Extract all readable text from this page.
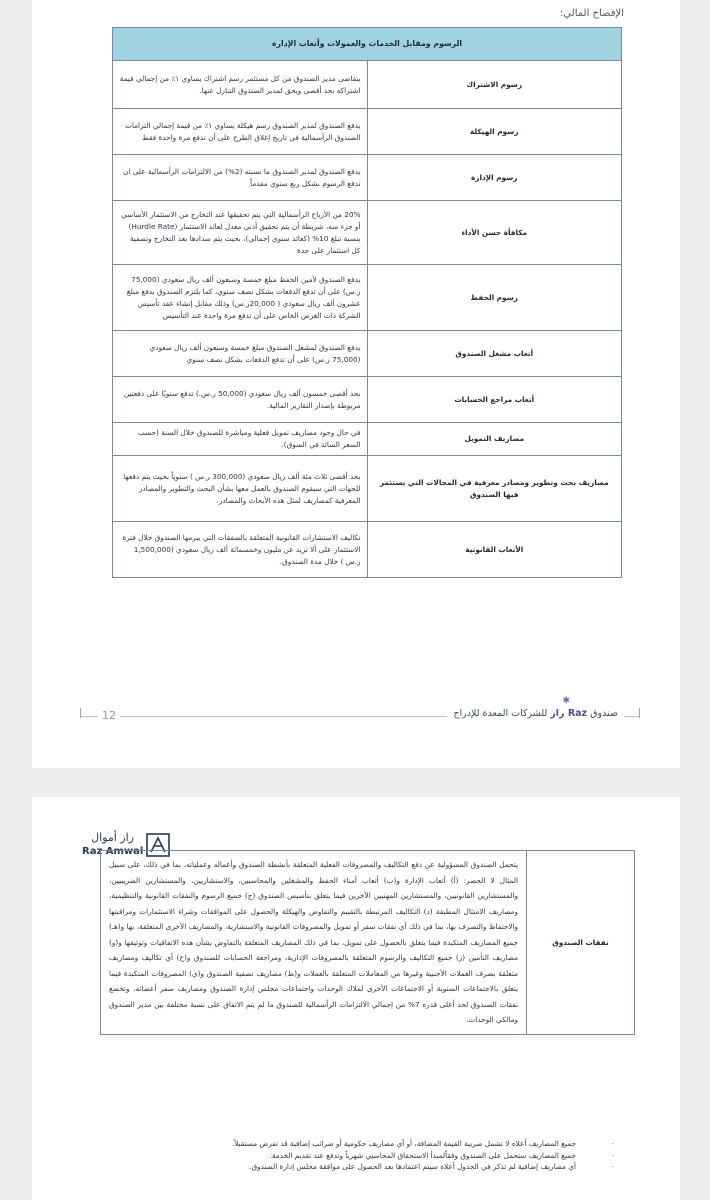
الإفصاح المالي:
الرسوم ومقابل الخدمات والعمولات وأتعاب الإدارة	
رسوم الاشتراك	يتقاضى مدير الصندوق من كل مستثمر رسم اشتراك يساوي ١٪ من إجمالي قيمة اشتراكه بحد أقصى ويحق لمدير الصندوق التنازل عنها.
رسوم الهيكلة	يدفع الصندوق لمدير الصندوق رسم هيكلة يساوي ١٪ من قيمة إجمالي التزامات الصندوق الرأسمالية في تاريخ إغلاق الطرح على أن تدفع مرة واحدة فقط
رسوم الإدارة	يدفع الصندوق لمدير الصندوق ما نسبته (2%) من الالتزامات الرأسمالية على ان تدفع الرسوم بشكل ربع سنوي مقدماً
مكافأة حسن الأداء	20% من الأرباح الرأسمالية التي يتم تحقيقها عند التخارج من الاستثمار الأساسي أو جزء منه، شريطة أن يتم تحقيق أدنى معدل لعائد الاستثمار (Hurdle Rate) بنسبة تبلغ 10% (كعائد سنوي إجمالي)، بحيث يتم سدادها بعد التخارج وتصفية كل استثمار على حدة
رسوم الحفظ	يدفع الصندوق لأمين الحفظ مبلغ خمسة وسبعون ألف ريال سعودي (75,000 ر.س) على أن تدفع الدفعات بشكل نصف سنوي، كما يلتزم الصندوق بدفع مبلغ عشرون ألف ريال سعودي ( 20,000ر.س) وذلك مقابل إنشاء عقد تأسيس الشركة ذات الغرض الخاص على أن تدفع مرة واحدة عند التأسيس
أتعاب مشغل الصندوق	يدفع الصندوق لمشغل الصندوق مبلغ خمسة وسبعون ألف ريال سعودي (75,000 ر.س) على أن تدفع الدفعات بشكل نصف سنوي
أتعاب مراجع الحسابات	بحد أقصى خمسون ألف ريال سعودي (50,000 ر.س.) تدفع سنويًا على دفعتين مربوطة بإصدار التقارير المالية.
مصاريف التمويل	في حال وجود مصاريف تمويل فعلية ومباشرة للصندوق خلال السنة (حسب السعر السائد في السوق).
مصاريف بحث وتطوير ومصادر معرفية في المجالات التي يستثمر فيها الصندوق	بحد أقصى ثلاث مئة ألف ريال سعودي (300,000 ر.س ) سنوياً بحيث يتم دفعها للجهات التي سيقوم الصندوق بالعمل معها بشأن البحث والتطوير والمصادر المعرفية كمصاريف لمثل هذه الأبحاث والمصادر.
الأتعاب القانونية	تكاليف الاستشارات القانونية المتعلقة بالصفقات التي يبرمها الصندوق خلال فترة الاستثمار على ألا تزيد عن مليون وخمسمائة ألف ريال سعودي (1,500,000 ر.س ) خلال مدة الصندوق.
12
✱
صندوق Raz راز للشركات المعدة للإدراج
راز أموال
Raz Amwal
نفقات الصندوق	يتحمل الصندوق المسؤولية عن دفع التكاليف والمصروفات الفعلية المتعلقة بأنشطة الصندوق وأعماله وعملياته، بما في ذلك، على سبيل المثال لا الحصر: (أ) أتعاب الإدارة و(ب) أتعاب أمناء الحفظ والمشغلين والمحاسبين، والاستشاريين، والمستشارين الضريبيين، والمستشارين القانونيين، والمستشارين المهنيين الآخرين فيما يتعلق بتأسيس الصندوق (ج) جميع الرسوم والنفقات القانونية والتنظيمية، ومصاريف الامتثال المطبقة (د) التكاليف المرتبطة بالتقييم والتفاوض والهيكلة والحصول على الموافقات وشراء الاستثمارات ومراقبتها والاحتفاظ والتصرف بها، بما في ذلك أي نفقات سفر أو تمويل والمصروفات القانونية والاستشارية، والمصاريف الأخرى المتعلقة، بها و(هـ) جميع المصاريف المتكبدة فيما يتعلق بالحصول على تمويل، بما في ذلك المصاريف المتعلقة بالتفاوض بشأن هذه الاتفاقيات وتوثيقها و(و) مصاريف التأمين (ز) جميع التكاليف والرسوم المتعلقة بالمصروفات الإدارية، ومراجعة الحسابات للصندوق و(ح) أي تكاليف ومصاريف متعلقة بصرف العملات الأجنبية وغيرها من المعاملات المتعلقة بالعملات و(ط) مصاريف تصفية الصندوق و(ي) المصروفات المتكبدة فيما يتعلق بالاجتماعات السنوية أو الاجتماعات الأخرى لملاك الوحدات واجتماعات مجلس إدارة الصندوق ومصاريف سفر أعضائه، وتخضع نفقات الصندوق لحد أعلى قدره 7% من إجمالي الالتزامات الرأسمالية للصندوق ما لم يتم الاتفاق على نسبة مختلفة بين مدير الصندوق ومالكي الوحدات.
-
جميع المصاريف أعلاه لا تشمل ضريبة القيمة المضافة، أو أي مصاريف حكومية أو ضرائب إضافية قد تفرض مستقبلاً.
-
جميع المصاريف ستحمل على الصندوق وفقاًلمبدأ الاستحقاق المحاسبي شهرياً وتدفع عند تقديم الخدمة.
-
أي مصاريف إضافية لم تذكر في الجدول أعلاه سيتم اعتمادها بعد الحصول على موافقة مجلس إدارة الصندوق.
